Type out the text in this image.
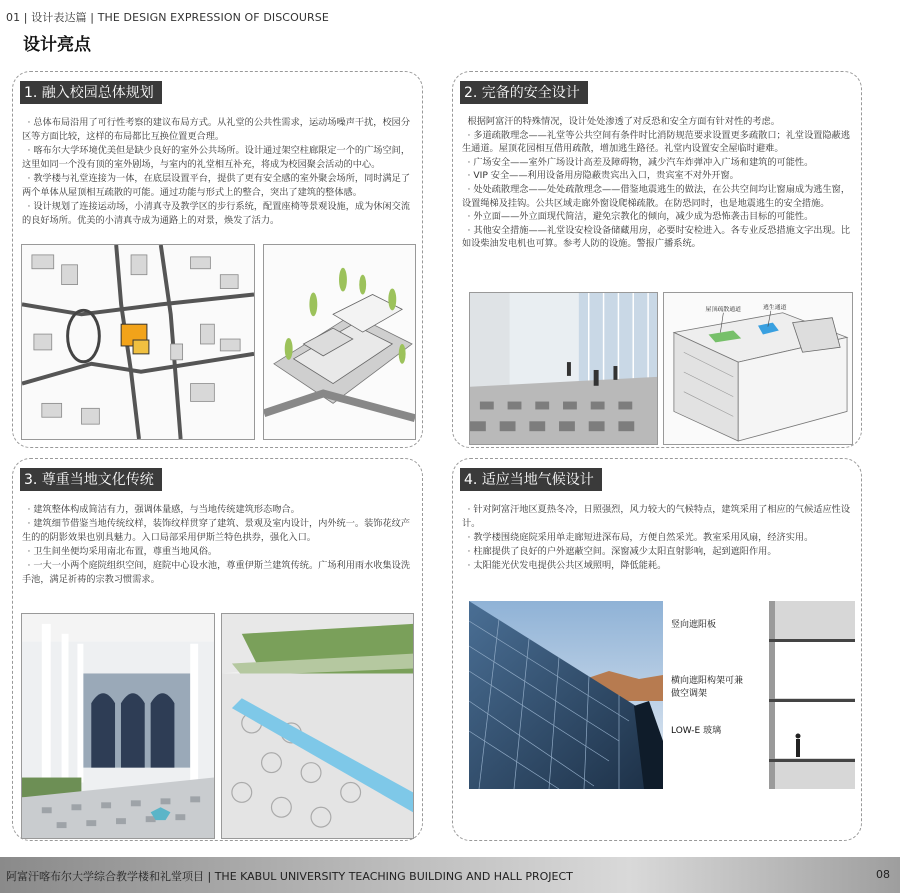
01 | 设计表达篇 | THE DESIGN EXPRESSION OF DISCOURSE
设计亮点
1. 融入校园总体规划

· 总体布局沿用了可行性考察的建议布局方式。从礼堂的公共性需求，运动场噪声干扰，校园分区等方面比较，这样的布局都比互换位置更合理。

· 喀布尔大学环境优美但是缺少良好的室外公共场所。设计通过架空柱廊限定一个的广场空间，这里如同一个没有顶的室外剧场，与室内的礼堂相互补充，将成为校园聚会活动的中心。

· 教学楼与礼堂连接为一体，在底层设置平台，提供了更有安全感的室外聚会场所，同时满足了两个单体从屋顶相互疏散的可能。通过功能与形式上的整合，突出了建筑的整体感。

· 设计规划了连接运动场，小清真寺及教学区的步行系统，配置座椅等景观设施，成为休闲交流的良好场所。优美的小清真寺成为通路上的对景，焕发了活力。

2. 完备的安全设计

根据阿富汗的特殊情况，设计处处渗透了对反恐和安全方面有针对性的考虑。

· 多道疏散理念——礼堂等公共空间有条件时比消防规范要求设置更多疏散口；礼堂设置隐蔽逃生通道。屋顶花园相互借用疏散，增加逃生路径。礼堂内设置安全屋临时避难。

· 广场安全——室外广场设计高差及障碍物，减少汽车炸弹冲入广场和建筑的可能性。

· VIP 安全——利用设备用房隐蔽贵宾出入口，贵宾室不对外开窗。

· 处处疏散理念——处处疏散理念——借鉴地震逃生的做法，在公共空间均让窗扇成为逃生窗，设置绳梯及挂钩。公共区域走廊外窗设爬梯疏散。在防恐同时，也是地震逃生的安全措施。

· 外立面——外立面现代简洁，避免宗教化的倾向，减少成为恐怖袭击目标的可能性。

· 其他安全措施——礼堂设安检设备储藏用房，必要时安检进入。各专业反恐措施文字出现。比如设柴油发电机也可算。参考人防的设施。警报广播系统。

屋顶疏散通道	逃生通道
3. 尊重当地文化传统

· 建筑整体构成简洁有力，强调体量感，与当地传统建筑形态吻合。

· 建筑细节借鉴当地传统纹样，装饰纹样贯穿了建筑、景观及室内设计，内外统一。装饰花纹产生的的阴影效果也别具魅力。入口局部采用伊斯兰特色拱券，强化入口。

· 卫生间坐便均采用南北布置，尊重当地风俗。

· 一大一小两个庭院组织空间，庭院中心设水池，尊重伊斯兰建筑传统。广场利用雨水收集设洗手池，满足祈祷的宗教习惯需求。

4. 适应当地气候设计

· 针对阿富汗地区夏热冬冷，日照强烈，风力较大的气候特点，建筑采用了相应的气候适应性设计。

· 教学楼围绕庭院采用单走廊短进深布局，方便自然采光。教室采用风扇，经济实用。

· 柱廊提供了良好的户外遮蔽空间。深窗减少太阳直射影响，起到遮阳作用。

· 太阳能光伏发电提供公共区域照明，降低能耗。

竖向遮阳板
横向遮阳构架可兼做空调架
LOW-E 玻璃
阿富汗喀布尔大学综合教学楼和礼堂项目 | THE KABUL UNIVERSITY TEACHING BUILDING AND HALL PROJECT	08
